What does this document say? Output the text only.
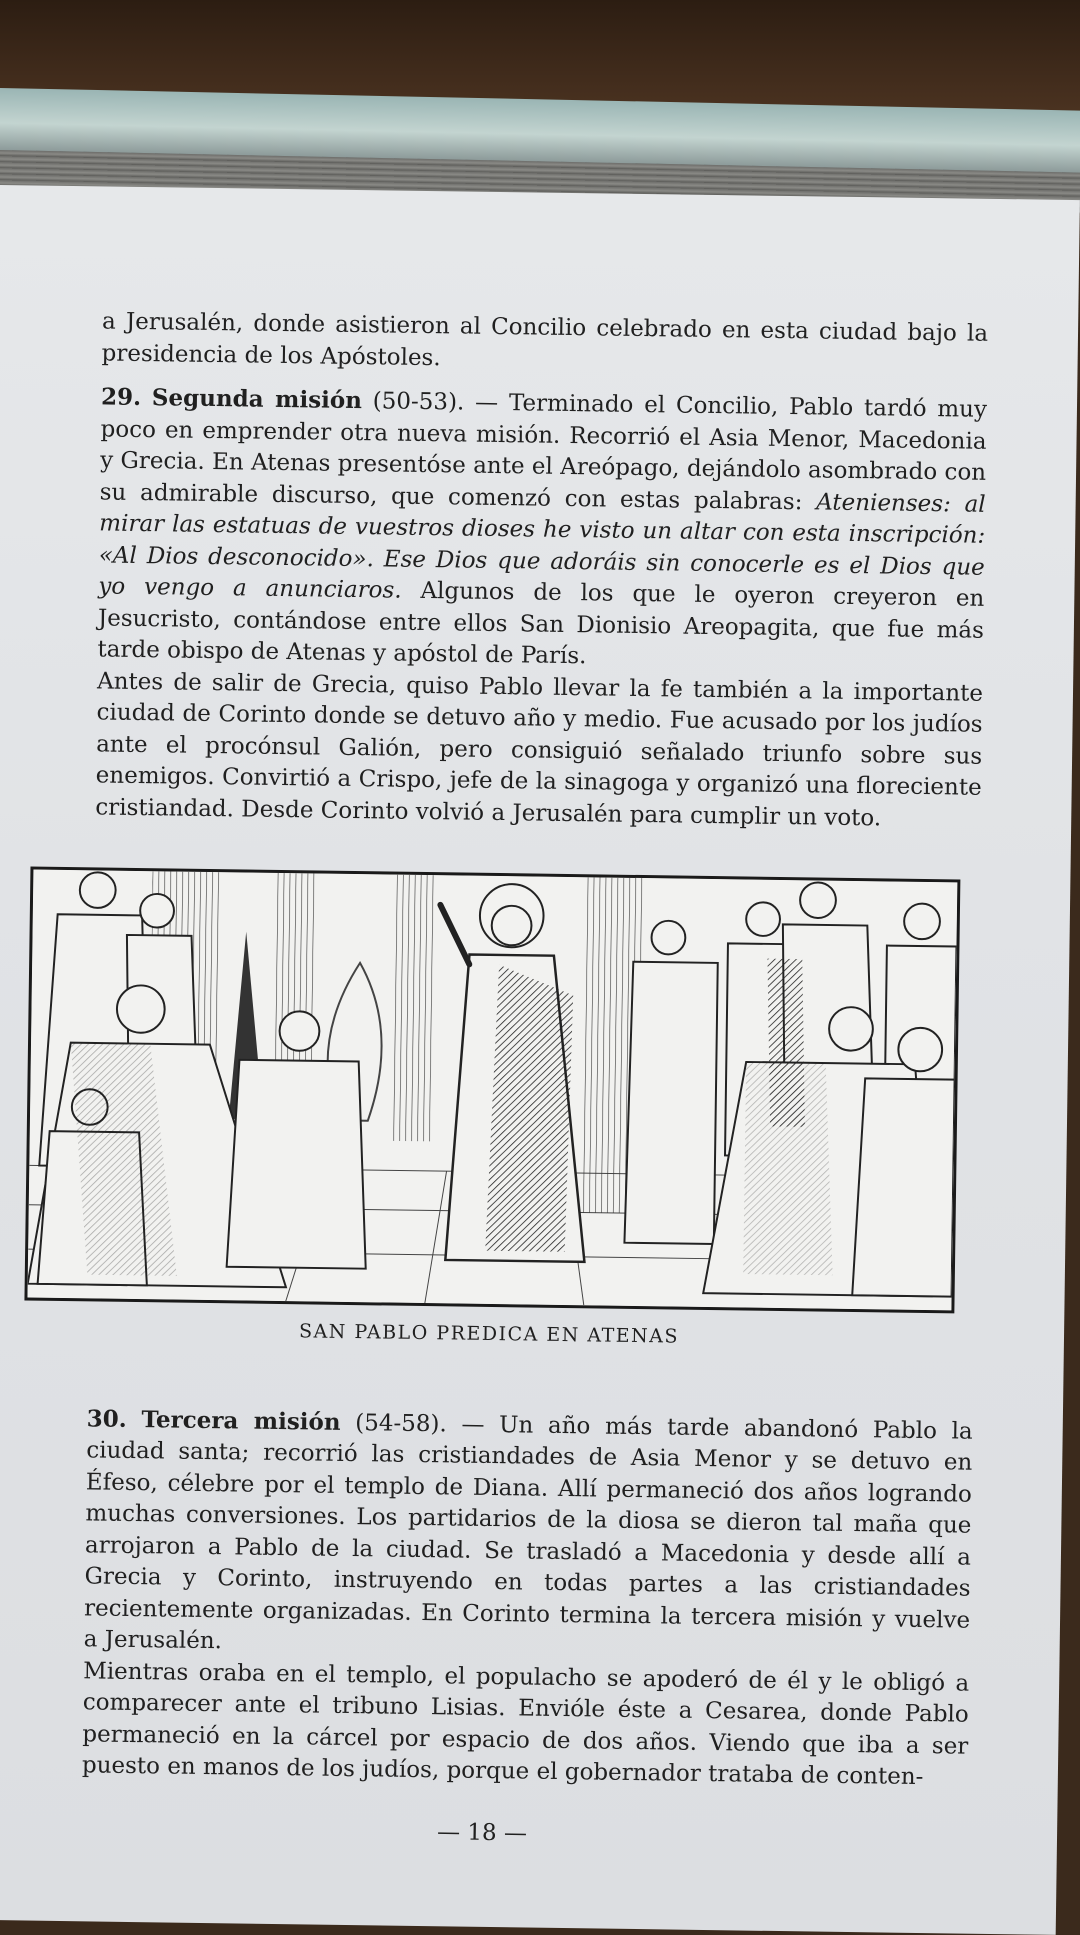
a Jerusalén, donde asistieron al Concilio celebrado en esta ciudad bajo la presidencia de los Apóstoles.

29. Segunda misión (50-53). — Terminado el Concilio, Pablo tardó muy poco en emprender otra nueva misión. Recorrió el Asia Menor, Macedonia y Grecia. En Atenas presentóse ante el Areópago, dejándolo asombrado con su admirable discurso, que comenzó con estas palabras: Atenienses: al mirar las estatuas de vuestros dioses he visto un altar con esta inscripción: «Al Dios desconocido». Ese Dios que adoráis sin conocerle es el Dios que yo vengo a anunciaros. Algunos de los que le oyeron creyeron en Jesucristo, contándose entre ellos San Dionisio Areopagita, que fue más tarde obispo de Atenas y apóstol de París.

Antes de salir de Grecia, quiso Pablo llevar la fe también a la importante ciudad de Corinto donde se detuvo año y medio. Fue acusado por los judíos ante el procónsul Galión, pero consiguió señalado triunfo sobre sus enemigos. Convirtió a Crispo, jefe de la sinagoga y organizó una floreciente cristiandad. Desde Corinto volvió a Jerusalén para cumplir un voto.

SAN PABLO PREDICA EN ATENAS

30. Tercera misión (54-58). — Un año más tarde abandonó Pablo la ciudad santa; recorrió las cristiandades de Asia Menor y se detuvo en Éfeso, célebre por el templo de Diana. Allí permaneció dos años logrando muchas conversiones. Los partidarios de la diosa se dieron tal maña que arrojaron a Pablo de la ciudad. Se trasladó a Macedonia y desde allí a Grecia y Corinto, instruyendo en todas partes a las cristiandades recientemente organizadas. En Corinto termina la tercera misión y vuelve a Jerusalén.

Mientras oraba en el templo, el populacho se apoderó de él y le obligó a comparecer ante el tribuno Lisias. Envióle éste a Cesarea, donde Pablo permaneció en la cárcel por espacio de dos años. Viendo que iba a ser puesto en manos de los judíos, porque el gobernador trataba de conten-

— 18 —
